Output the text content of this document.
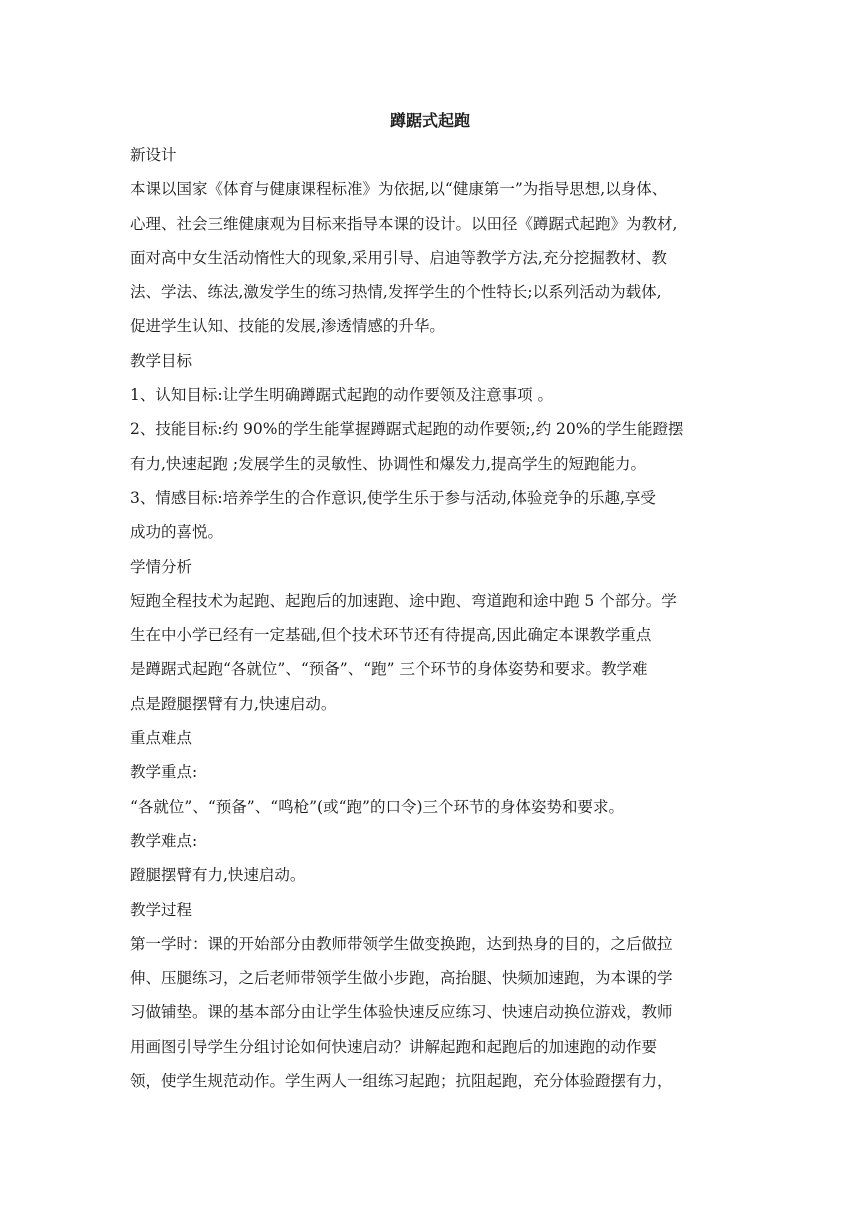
蹲踞式起跑

新设计

本课以国家《体育与健康课程标准》为依据,以“健康第一”为指导思想,以身体、

心理、社会三维健康观为目标来指导本课的设计。以田径《蹲踞式起跑》为教材,

面对高中女生活动惰性大的现象,采用引导、启迪等教学方法,充分挖掘教材、教

法、学法、练法,激发学生的练习热情,发挥学生的个性特长;以系列活动为载体,

促进学生认知、技能的发展,渗透情感的升华。

教学目标

1、认知目标:让学生明确蹲踞式起跑的动作要领及注意事项 。

2、技能目标:约 90%的学生能掌握蹲踞式起跑的动作要领;,约 20%的学生能蹬摆

有力,快速起跑 ;发展学生的灵敏性、协调性和爆发力,提高学生的短跑能力。

3、情感目标:培养学生的合作意识,使学生乐于参与活动,体验竞争的乐趣,享受

成功的喜悦。

学情分析

短跑全程技术为起跑、起跑后的加速跑、途中跑、弯道跑和途中跑 5 个部分。学

生在中小学已经有一定基础,但个技术环节还有待提高,因此确定本课教学重点

是蹲踞式起跑“各就位”、“预备”、“跑” 三个环节的身体姿势和要求。教学难

点是蹬腿摆臂有力,快速启动。

重点难点

教学重点:

“各就位”、“预备”、“鸣枪”(或“跑”的口令)三个环节的身体姿势和要求。

教学难点:

蹬腿摆臂有力,快速启动。

教学过程

第一学时：课的开始部分由教师带领学生做变换跑，达到热身的目的，之后做拉

伸、压腿练习，之后老师带领学生做小步跑，高抬腿、快频加速跑，为本课的学

习做铺垫。课的基本部分由让学生体验快速反应练习、快速启动换位游戏，教师

用画图引导学生分组讨论如何快速启动？讲解起跑和起跑后的加速跑的动作要

领，使学生规范动作。学生两人一组练习起跑；抗阻起跑，充分体验蹬摆有力，
